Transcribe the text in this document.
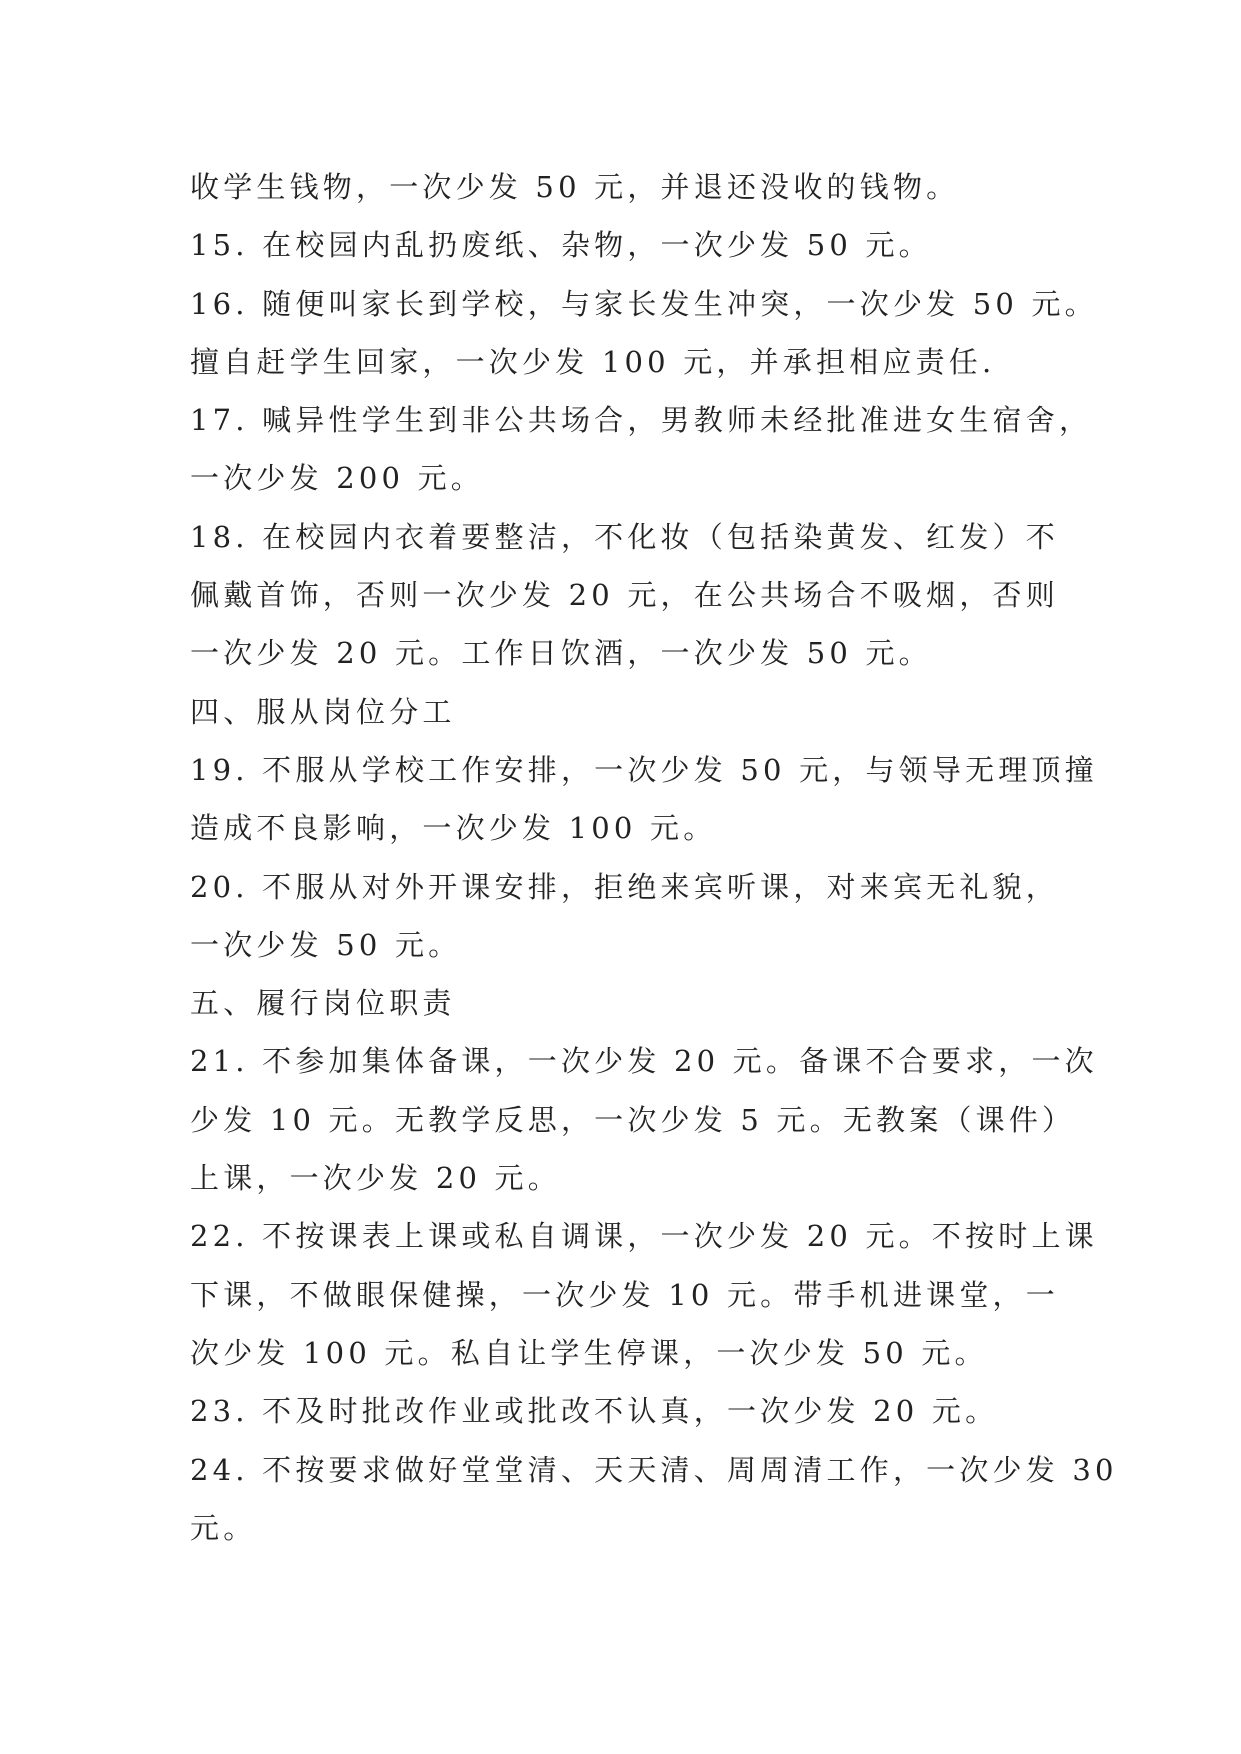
收学生钱物，一次少发 50 元，并退还没收的钱物。
15. 在校园内乱扔废纸、杂物，一次少发 50 元。
16. 随便叫家长到学校，与家长发生冲突，一次少发 50 元。
擅自赶学生回家，一次少发 100 元，并承担相应责任.
17. 喊异性学生到非公共场合，男教师未经批准进女生宿舍，
一次少发 200 元。
18. 在校园内衣着要整洁，不化妆（包括染黄发、红发）不
佩戴首饰，否则一次少发 20 元，在公共场合不吸烟，否则
一次少发 20 元。工作日饮酒，一次少发 50 元。
四、服从岗位分工
19. 不服从学校工作安排，一次少发 50 元，与领导无理顶撞
造成不良影响，一次少发 100 元。
20. 不服从对外开课安排，拒绝来宾听课，对来宾无礼貌，
一次少发 50 元。
五、履行岗位职责
21. 不参加集体备课，一次少发 20 元。备课不合要求，一次
少发 10 元。无教学反思，一次少发 5 元。无教案（课件）
上课，一次少发 20 元。
22. 不按课表上课或私自调课，一次少发 20 元。不按时上课
下课，不做眼保健操，一次少发 10 元。带手机进课堂，一
次少发 100 元。私自让学生停课，一次少发 50 元。
23. 不及时批改作业或批改不认真，一次少发 20 元。
24. 不按要求做好堂堂清、天天清、周周清工作，一次少发 30
元。
